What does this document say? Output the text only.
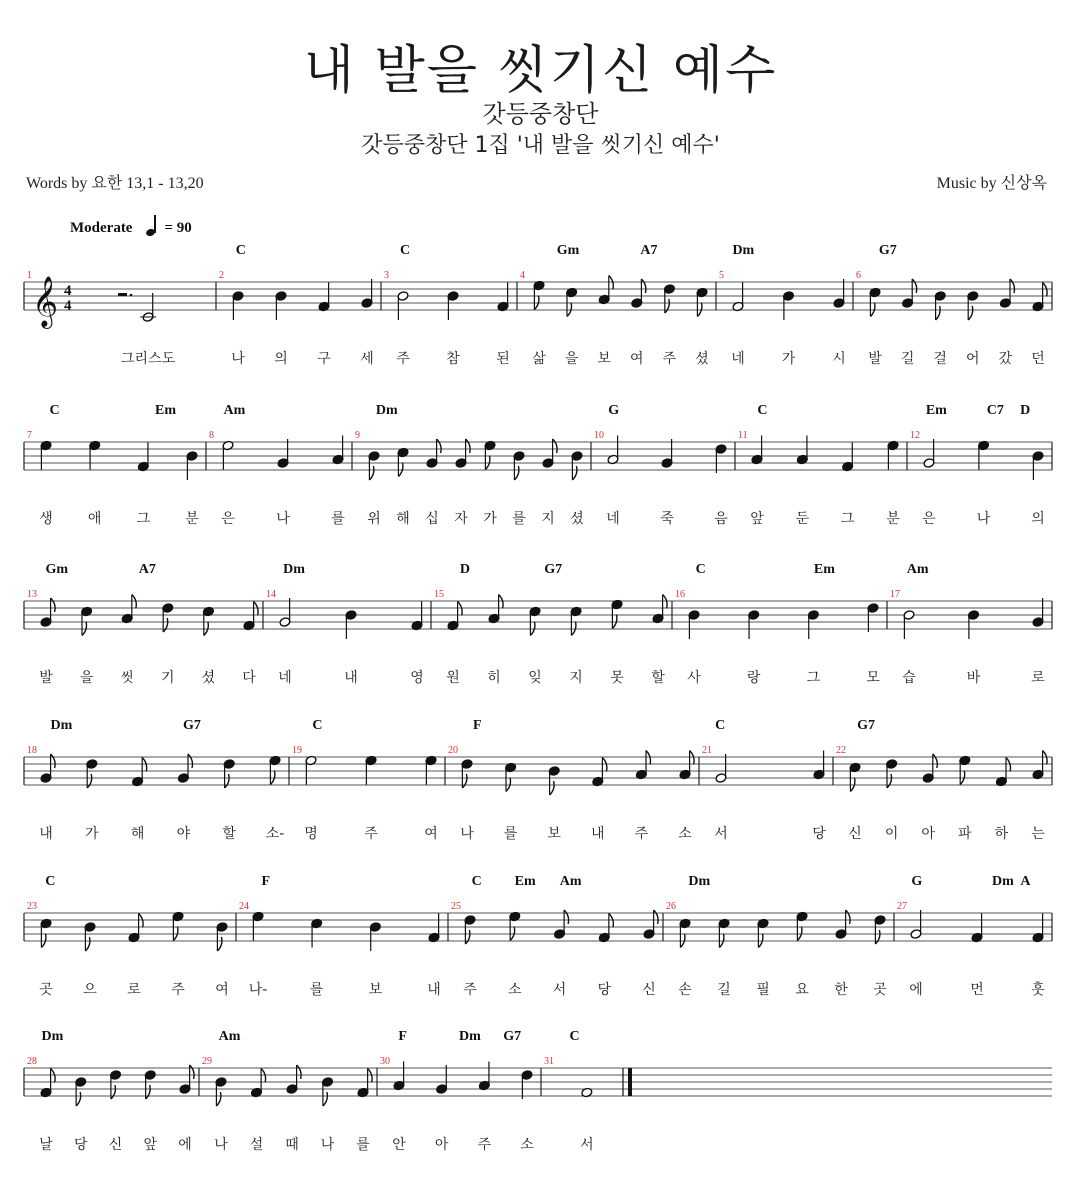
내 발을 씻기신 예수
갓등중창단
갓등중창단 1집 '내 발을 씻기신 예수'
Words by 요한 13,1 - 13,20	Music by 신상옥
Moderate = 90
𝄞 4
4
1
그리스도
2
C
나 의 구 세
3
C
주	참	된
4
Gm	A7
삶 을 보 여 주 셨
5
Dm
네	가	시
6
G7
발 길 걸 어 갔 던
7
C	Em
생	애	그	분
8
Am
은	나	를
9
Dm
위 해 십 자 가 를 지 셨
10
G
네	죽	음
11
C
앞 둔 그 분
12
Em	C7 D
은	나	의
13
Gm	A7
발 을 씻 기 셨 다
14
Dm
네	내	영
15
D	G7
원 히 잊 지 못 할
16
C	Em
사	랑	그	모
17
Am
습	바	로
18
Dm	G7
내 가 해 야 할 소-
19
C
명	주	여
20
F
나 를 보 내 주 소
21
C
서	당
22
G7
신 이 아 파 하 는
23
C
곳 으 로 주 여
24
F
나-	를	보	내
25
C Em Am
주 소 서 당 신
26
Dm
손 길 필 요 한 곳
27
G	Dm A
에	먼	훗
28
Dm
날 당 신 앞 에
29
Am
나 설 때 나 를
30
F	Dm G7
안 아 주 소
31
C
서
